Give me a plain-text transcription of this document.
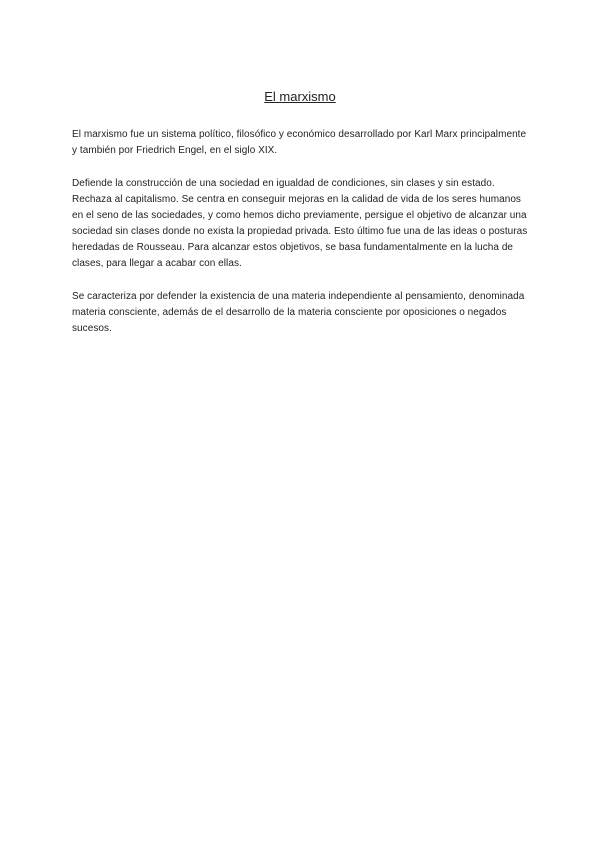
El marxismo

El marxismo fue un sistema político, filosófico y económico desarrollado por Karl Marx principalmente y también por Friedrich Engel, en el siglo XIX.

Defiende la construcción de una sociedad en igualdad de condiciones, sin clases y sin estado. Rechaza al capitalismo. Se centra en conseguir mejoras en la calidad de vida de los seres humanos en el seno de las sociedades, y como hemos dicho previamente, persigue el objetivo de alcanzar una sociedad sin clases donde no exista la propiedad privada. Esto último fue una de las ideas o posturas heredadas de Rousseau. Para alcanzar estos objetivos, se basa fundamentalmente en la lucha de clases, para llegar a acabar con ellas.

Se caracteriza por defender la existencia de una materia independiente al pensamiento, denominada materia consciente, además de el desarrollo de la materia consciente por oposiciones o negados sucesos.
